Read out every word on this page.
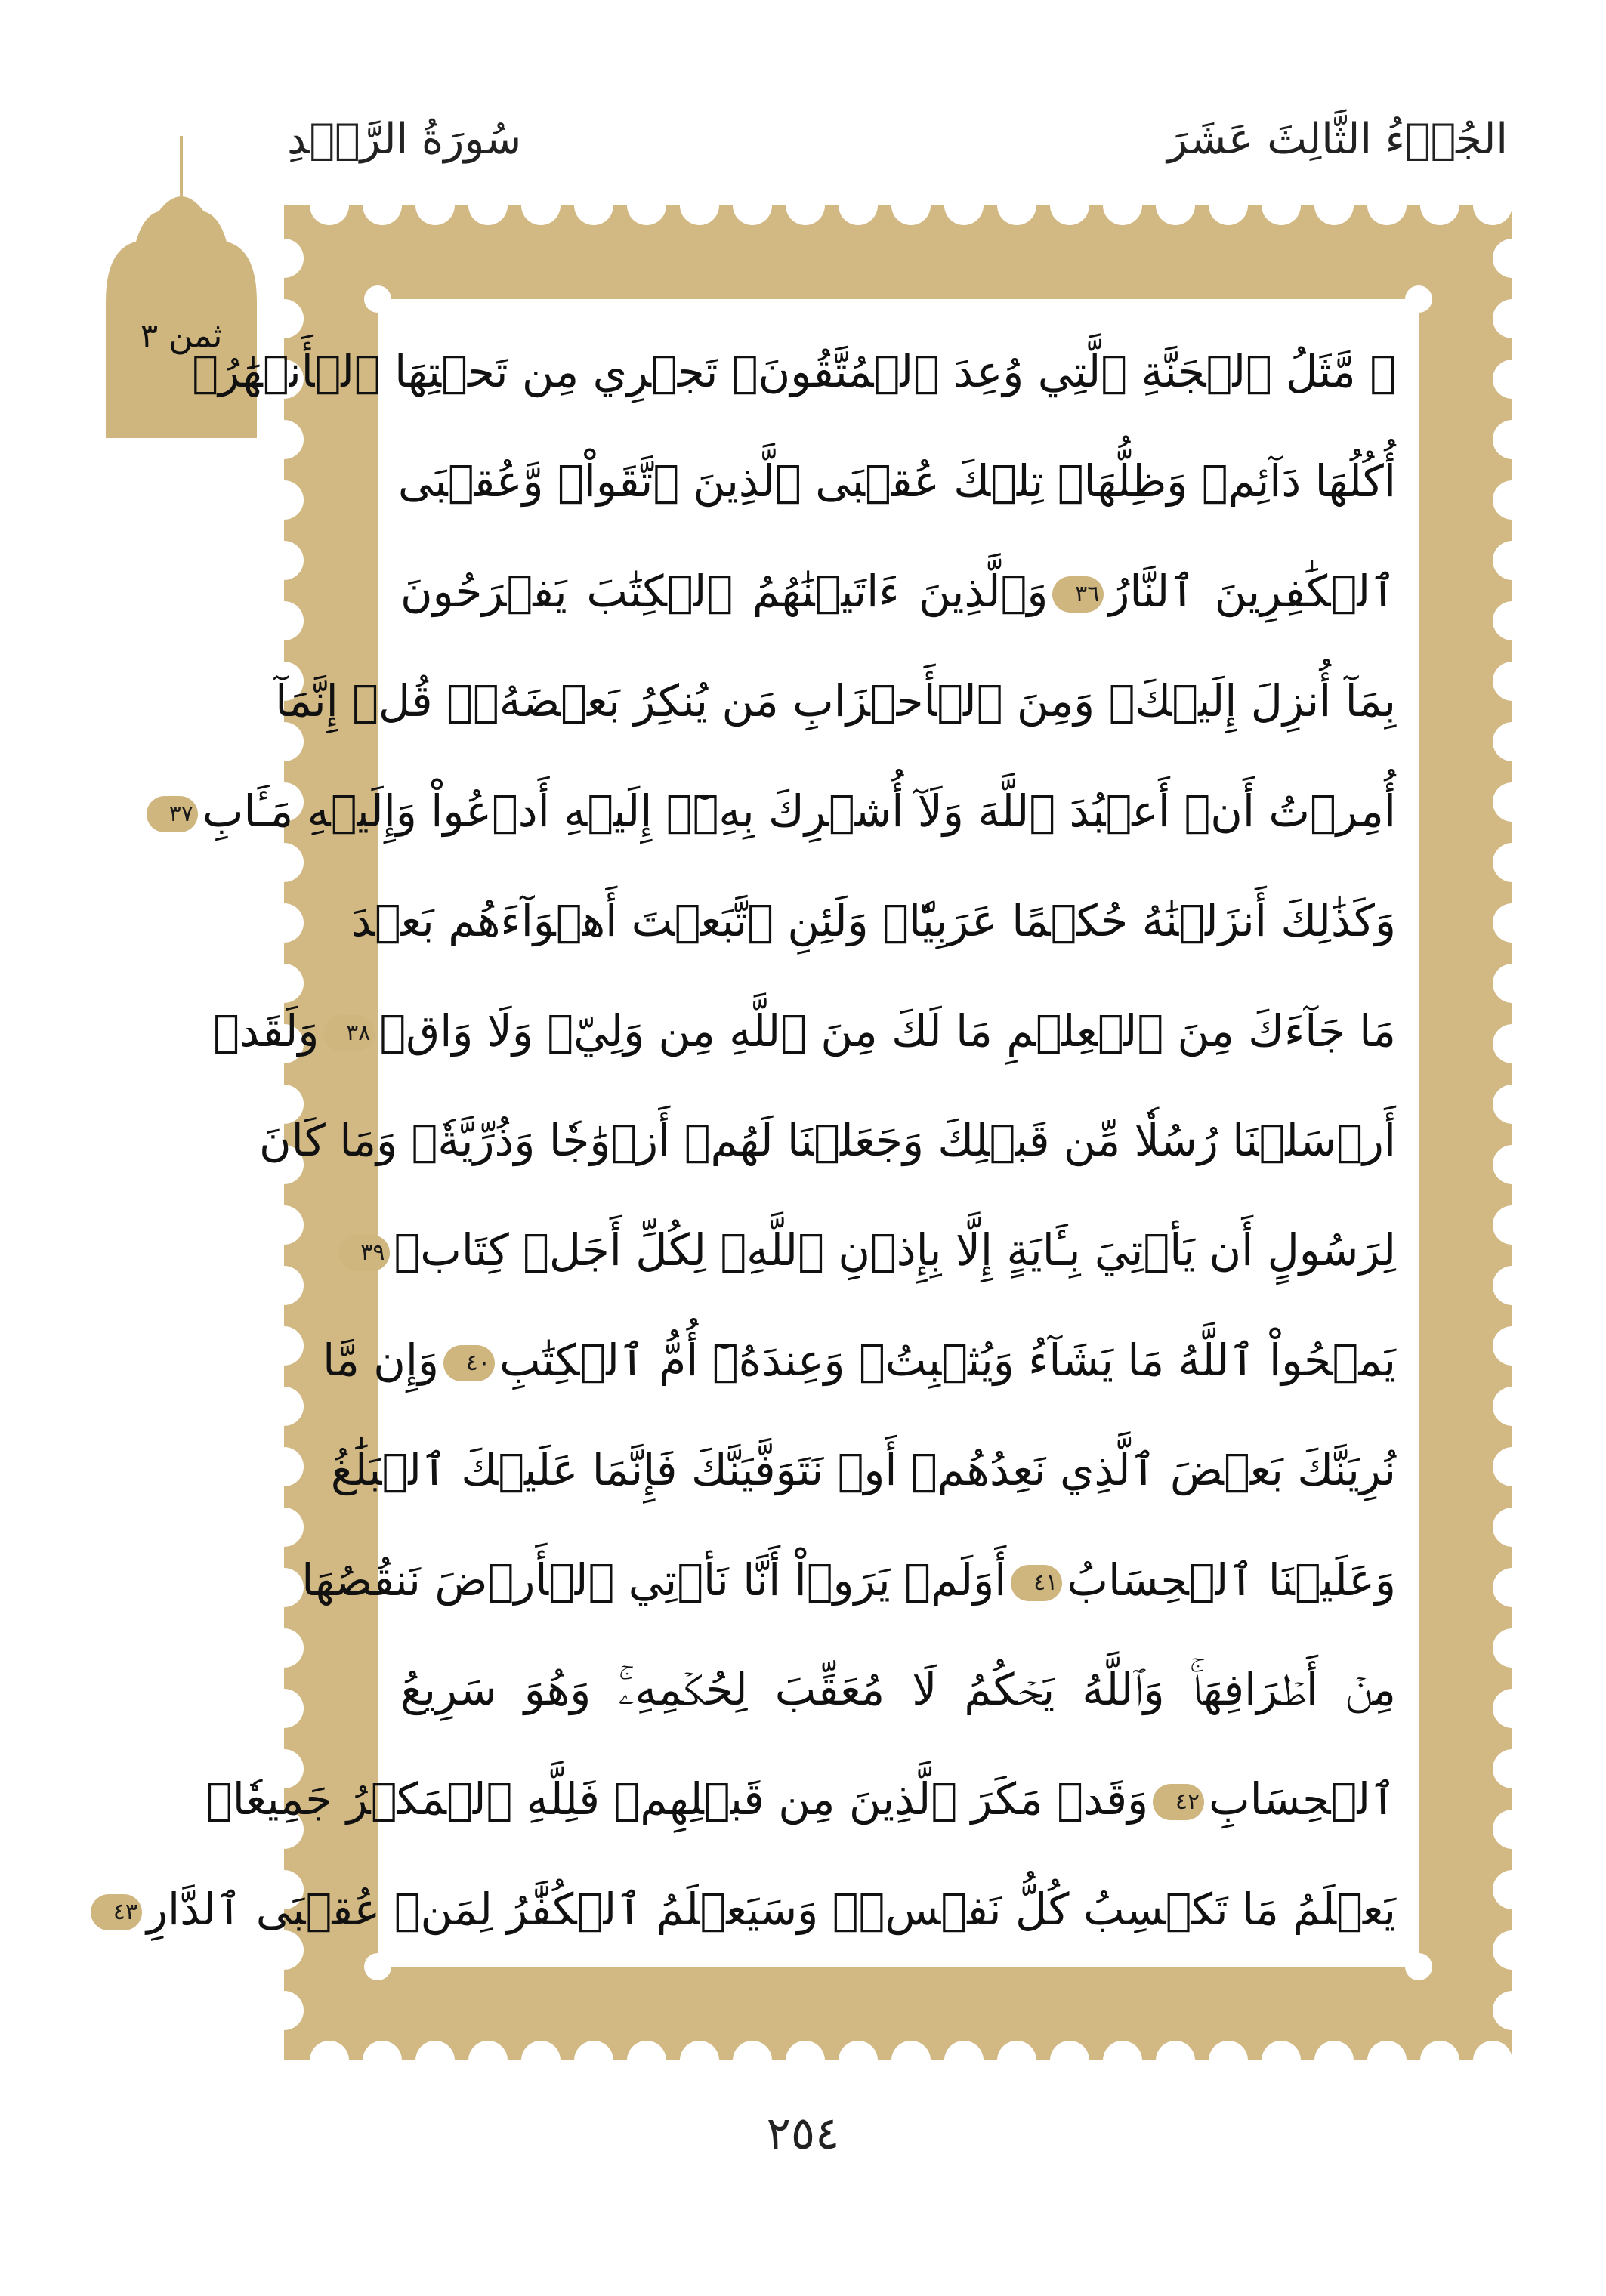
سُورَةُ الرَّعۡدِ	الجُزۡءُ الثَّالِثَ عَشَرَ
ثمن ٣
۞ مَّثَلُ ٱلۡجَنَّةِ ٱلَّتِي وُعِدَ ٱلۡمُتَّقُونَۖ تَجۡرِي مِن تَحۡتِهَا ٱلۡأَنۡهَٰرُۖ
أُكُلُهَا دَآئِمٞ وَظِلُّهَاۚ تِلۡكَ عُقۡبَى ٱلَّذِينَ ٱتَّقَواْۖ وَّعُقۡبَى
ٱلۡكَٰفِرِينَ ٱلنَّارُ٣٦وَٱلَّذِينَ ءَاتَيۡنَٰهُمُ ٱلۡكِتَٰبَ يَفۡرَحُونَ
بِمَآ أُنزِلَ إِلَيۡكَۖ وَمِنَ ٱلۡأَحۡزَابِ مَن يُنكِرُ بَعۡضَهُۥۚ قُلۡ إِنَّمَآ
أُمِرۡتُ أَنۡ أَعۡبُدَ ٱللَّهَ وَلَآ أُشۡرِكَ بِهِۦٓۚ إِلَيۡهِ أَدۡعُواْ وَإِلَيۡهِ مَـَٔابِ٣٧
وَكَذَٰلِكَ أَنزَلۡنَٰهُ حُكۡمًا عَرَبِيّٗاۚ وَلَئِنِ ٱتَّبَعۡتَ أَهۡوَآءَهُم بَعۡدَ
مَا جَآءَكَ مِنَ ٱلۡعِلۡمِ مَا لَكَ مِنَ ٱللَّهِ مِن وَلِيّٖ وَلَا وَاقٖ٣٨وَلَقَدۡ
أَرۡسَلۡنَا رُسُلٗا مِّن قَبۡلِكَ وَجَعَلۡنَا لَهُمۡ أَزۡوَٰجٗا وَذُرِّيَّةٗۚ وَمَا كَانَ
لِرَسُولٍ أَن يَأۡتِيَ بِـَٔايَةٍ إِلَّا بِإِذۡنِ ٱللَّهِۗ لِكُلِّ أَجَلٖ كِتَابٞ٣٩
يَمۡحُواْ ٱللَّهُ مَا يَشَآءُ وَيُثۡبِتُۖ وَعِندَهُۥٓ أُمُّ ٱلۡكِتَٰبِ٤٠وَإِن مَّا
نُرِيَنَّكَ بَعۡضَ ٱلَّذِي نَعِدُهُمۡ أَوۡ نَتَوَفَّيَنَّكَ فَإِنَّمَا عَلَيۡكَ ٱلۡبَلَٰغُ
وَعَلَيۡنَا ٱلۡحِسَابُ٤١أَوَلَمۡ يَرَوۡاْ أَنَّا نَأۡتِي ٱلۡأَرۡضَ نَنقُصُهَا
مِنۡ أَطۡرَافِهَاۚ وَٱللَّهُ يَحۡكُمُ لَا مُعَقِّبَ لِحُكۡمِهِۦۚ وَهُوَ سَرِيعُ
ٱلۡحِسَابِ٤٢وَقَدۡ مَكَرَ ٱلَّذِينَ مِن قَبۡلِهِمۡ فَلِلَّهِ ٱلۡمَكۡرُ جَمِيعٗاۖ
يَعۡلَمُ مَا تَكۡسِبُ كُلُّ نَفۡسٖۗ وَسَيَعۡلَمُ ٱلۡكُفَّٰرُ لِمَنۡ عُقۡبَى ٱلدَّارِ٤٣
٢٥٤
